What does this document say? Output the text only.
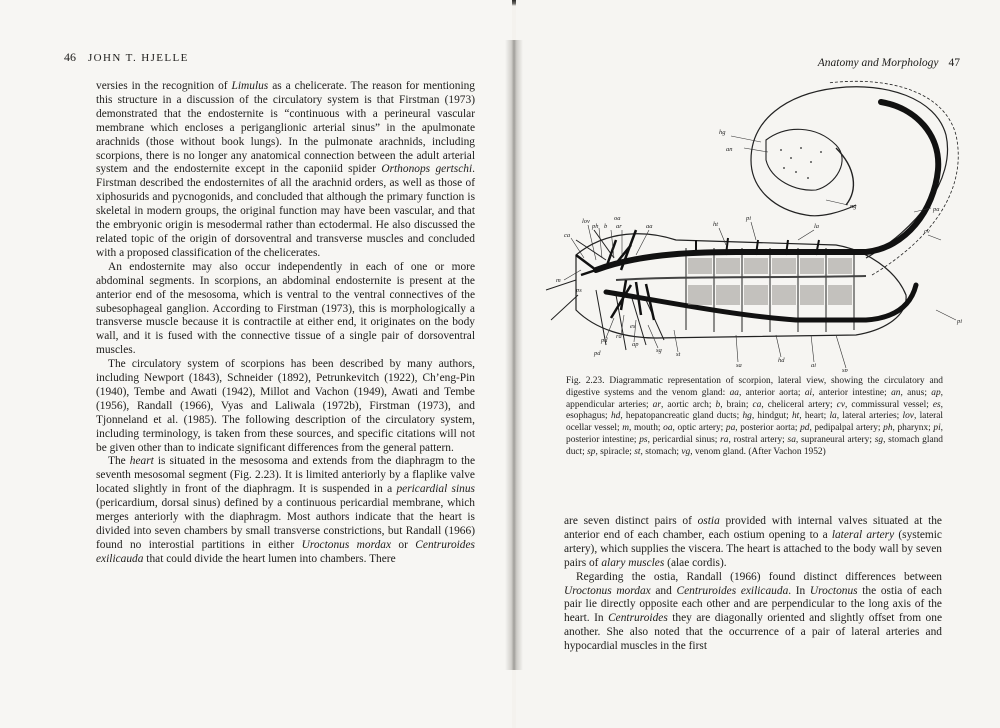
46 JOHN T. HJELLE

versies in the recognition of Limulus as a chelicerate. The reason for mentioning this structure in a discussion of the circulatory system is that Firstman (1973) demonstrated that the endosternite is “continuous with a perineural vascular membrane which encloses a periganglionic arterial sinus” in the apulmonate arachnids (those without book lungs). In the pulmonate arachnids, including scorpions, there is no longer any anatomical connection between the adult arterial system and the endosternite except in the caponiid spider Orthonops gertschi. Firstman described the endosternites of all the arachnid orders, as well as those of xiphosurids and pycnogonids, and concluded that although the primary function is skeletal in modern groups, the original function may have been vascular, and that the embryonic origin is mesodermal rather than ectodermal. He also discussed the related topic of the origin of dorsoventral and transverse muscles and concluded with a proposed classification of the chelicerates.

An endosternite may also occur independently in each of one or more abdominal segments. In scorpions, an abdominal endosternite is present at the anterior end of the mesosoma, which is ventral to the ventral connectives of the subesophageal ganglion. According to Firstman (1973), this is morphologically a transverse muscle because it is contractile at either end, it originates on the body wall, and it is fused with the connective tissue of a single pair of dorsoventral muscles.

The circulatory system of scorpions has been described by many authors, including Newport (1843), Schneider (1892), Petrunkevitch (1922), Ch’eng-Pin (1940), Tembe and Awati (1942), Millot and Vachon (1949), Awati and Tembe (1956), Randall (1966), Vyas and Laliwala (1972b), Firstman (1973), and Tjonneland et al. (1985). The following description of the circulatory system, including terminology, is taken from these sources, and specific citations will not be given other than to indicate significant differences from the general pattern.

The heart is situated in the mesosoma and extends from the diaphragm to the seventh mesosomal segment (Fig. 2.23). It is limited anteriorly by a flaplike valve located slightly in front of the diaphragm. It is suspended in a pericardial sinus (pericardium, dorsal sinus) defined by a continuous pericardial membrane, which merges anteriorly with the diaphragm. Most authors indicate that the heart is divided into seven chambers by small transverse constrictions, but Randall (1966) found no interostial partitions in either Uroctonus mordax or Centruroides exilicauda that could divide the heart lumen into chambers. There

Anatomy and Morphology 47
hg
an
ng	pa
cv
pi
ht
pi
la
lov	oa
ca
ph b ar	aa
m
ps
pd
ra
ap
sg
st
sa
hd
ai
sp
es
pd
Fig. 2.23. Diagrammatic representation of scorpion, lateral view, showing the circulatory and digestive systems and the venom gland: aa, anterior aorta; ai, anterior intestine; an, anus; ap, appendicular arteries; ar, aortic arch; b, brain; ca, cheliceral artery; cv, commissural vessel; es, esophagus; hd, hepatopancreatic gland ducts; hg, hindgut; ht, heart; la, lateral arteries; lov, lateral ocellar vessel; m, mouth; oa, optic artery; pa, posterior aorta; pd, pedipalpal artery; ph, pharynx; pi, posterior intestine; ps, pericardial sinus; ra, rostral artery; sa, supraneural artery; sg, stomach gland duct; sp, spiracle; st, stomach; vg, venom gland. (After Vachon 1952)

are seven distinct pairs of ostia provided with internal valves situated at the anterior end of each chamber, each ostium opening to a lateral artery (systemic artery), which supplies the viscera. The heart is attached to the body wall by seven pairs of alary muscles (alae cordis).

Regarding the ostia, Randall (1966) found distinct differences between Uroctonus mordax and Centruroides exilicauda. In Uroctonus the ostia of each pair lie directly opposite each other and are perpendicular to the long axis of the heart. In Centruroides they are diagonally oriented and slightly offset from one another. She also noted that the occurrence of a pair of lateral arteries and hypocardial muscles in the first
